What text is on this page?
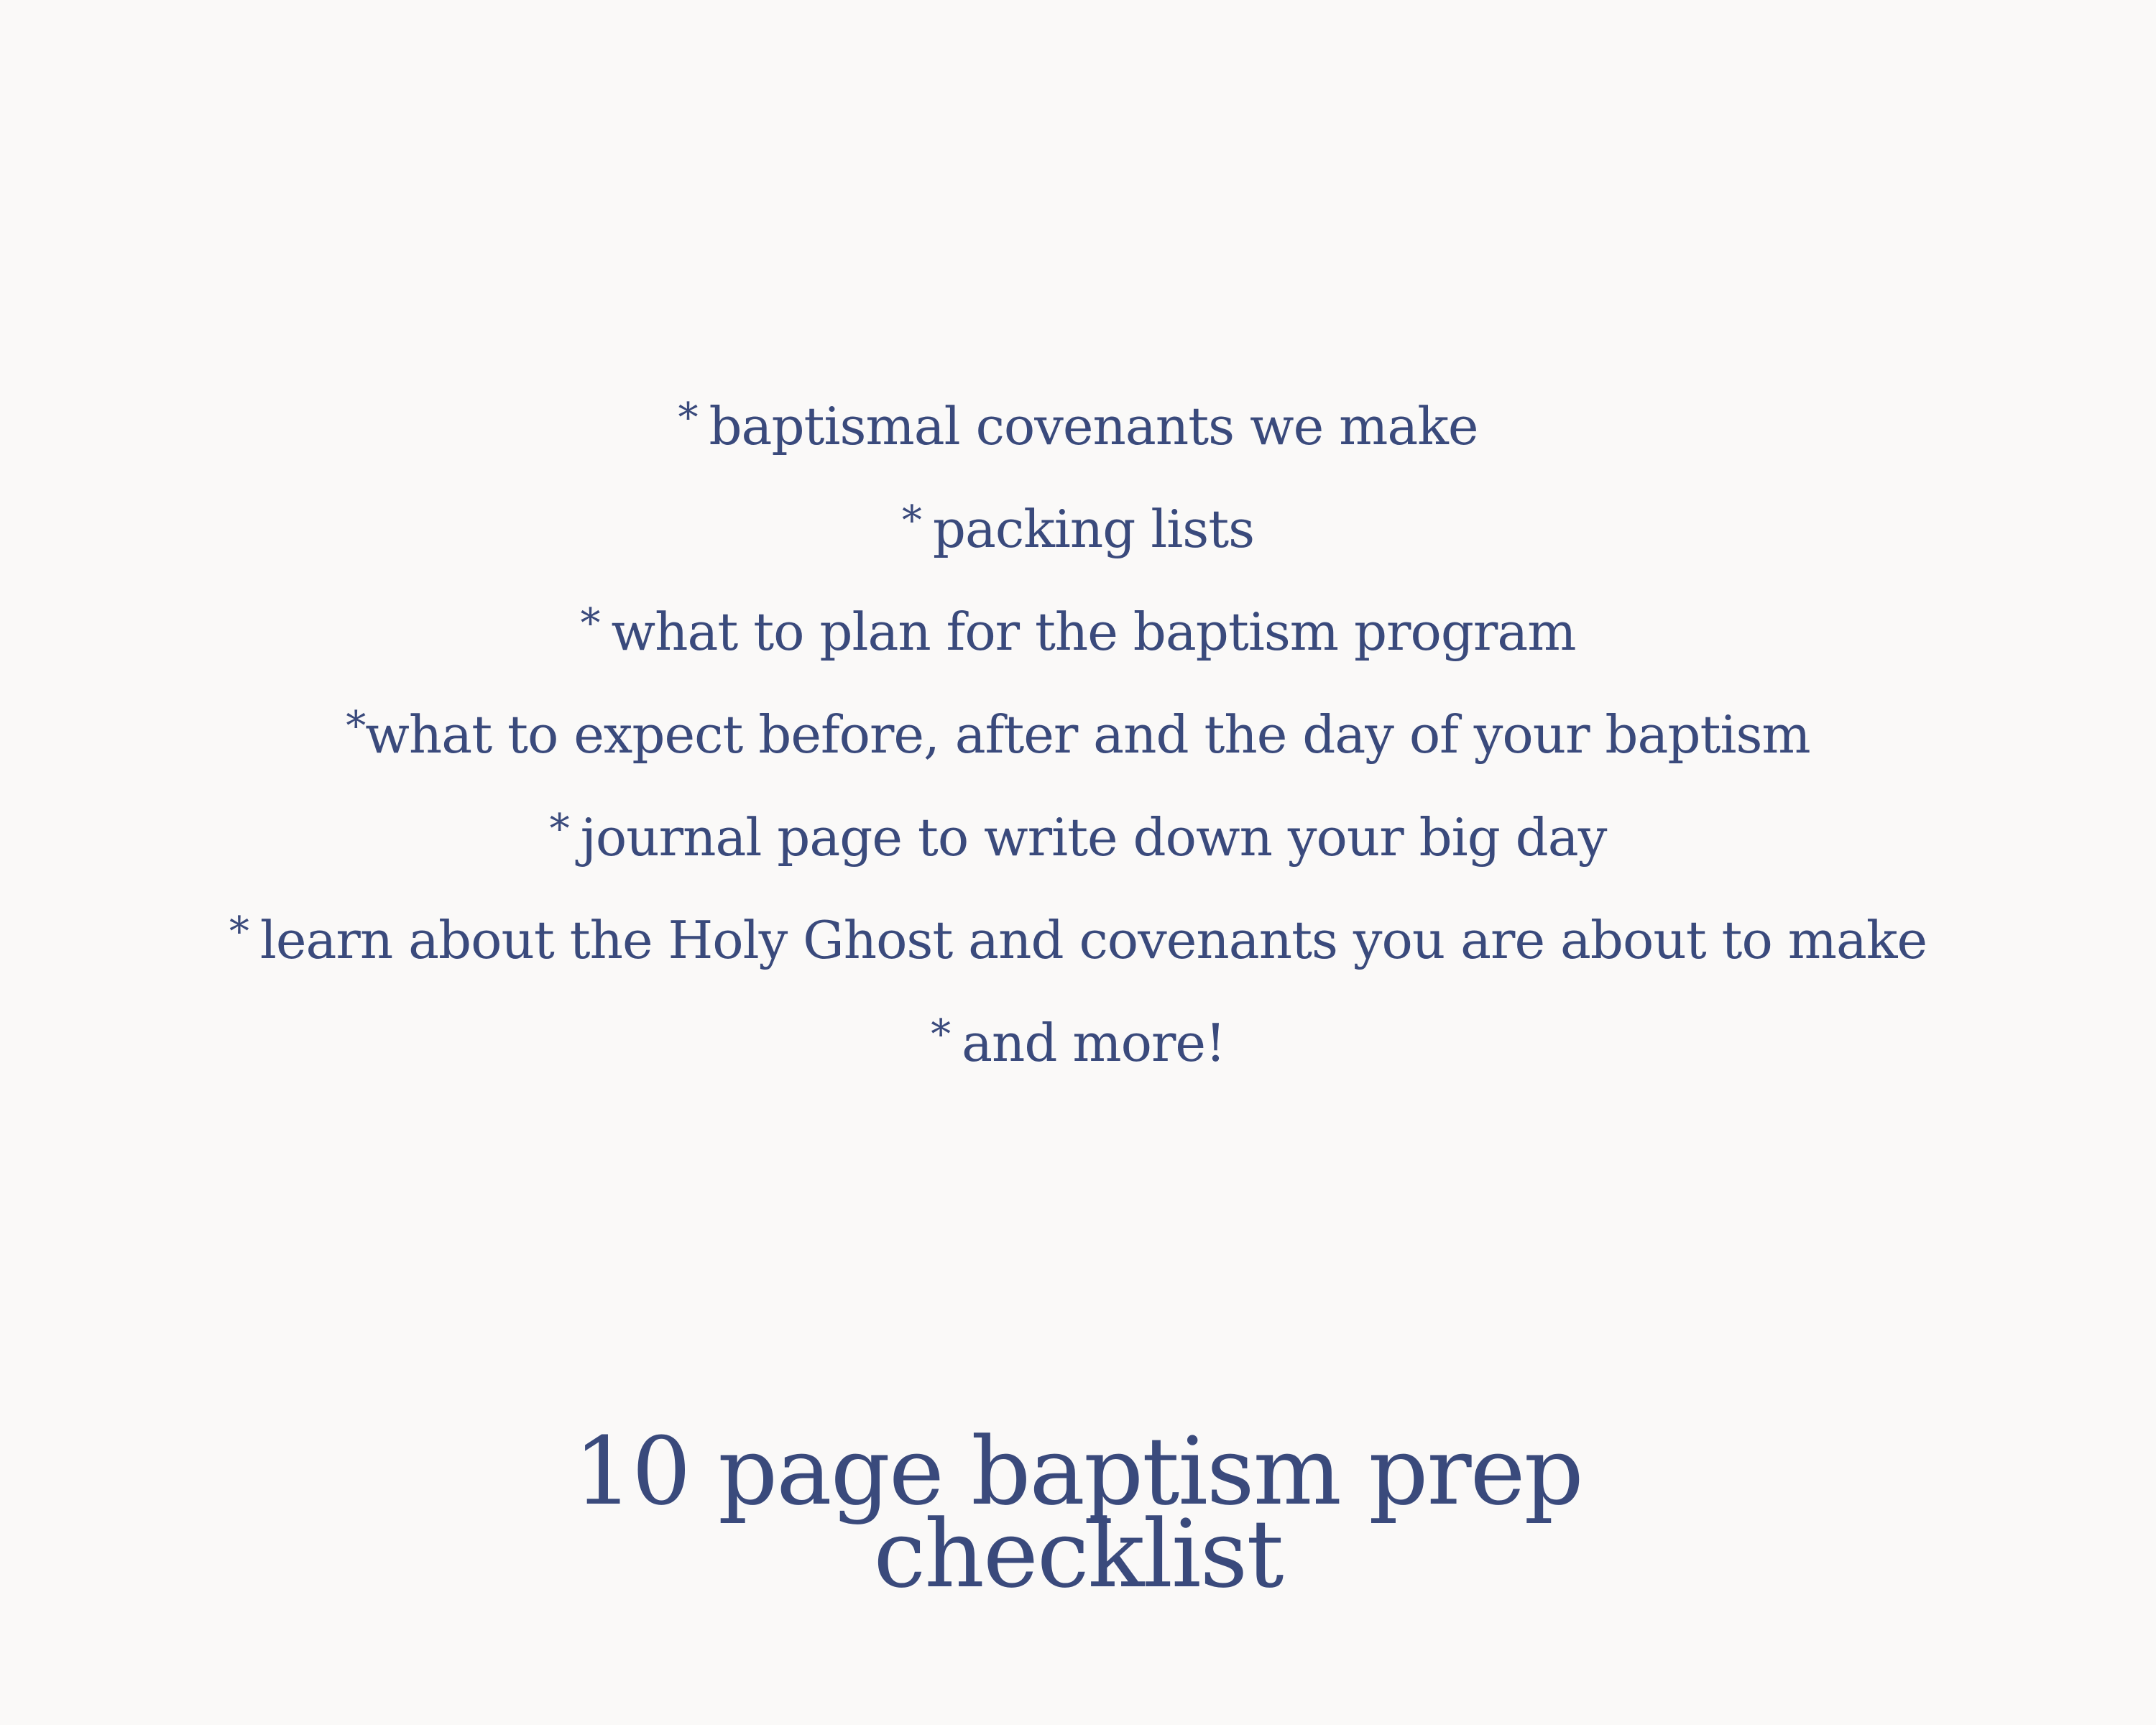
* baptismal covenants we make
* packing lists
* what to plan for the baptism program
*what to expect before, after and the day of your baptism
* journal page to write down your big day
* learn about the Holy Ghost and covenants you are about to make
* and more!
10 page baptism prep
checklist
